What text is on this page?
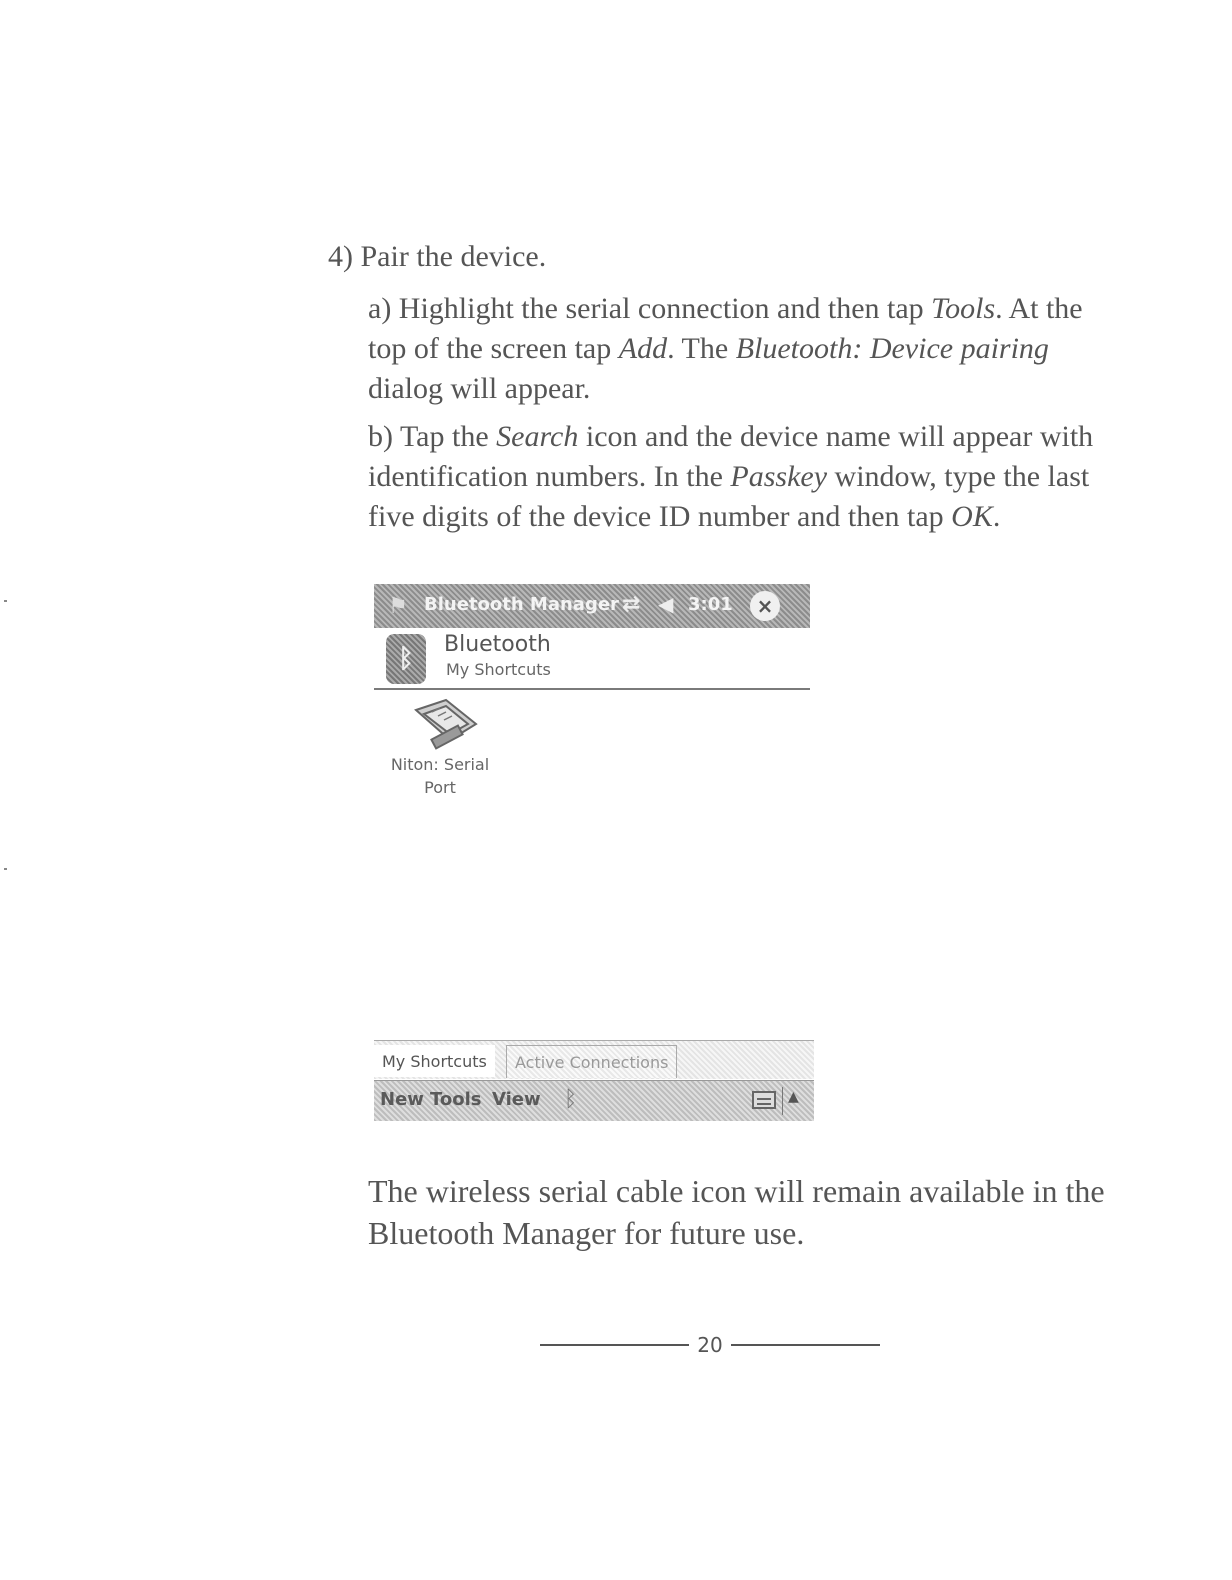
4) Pair the device.
a) Highlight the serial connection and then tap Tools. At the top of the screen tap Add. The Bluetooth: Device pairing dialog will appear.
b) Tap the Search icon and the device name will appear with identification numbers. In the Passkey window, type the last five digits of the device ID number and then tap OK.
⚑ Bluetooth Manager ⇄ ◀ 3:01	×
ᛒ	Bluetooth
My Shortcuts
Niton: Serial
Port
My Shortcuts	Active Connections
New Tools View ᛒ	▲
The wireless serial cable icon will remain available in the Bluetooth Manager for future use.
20
